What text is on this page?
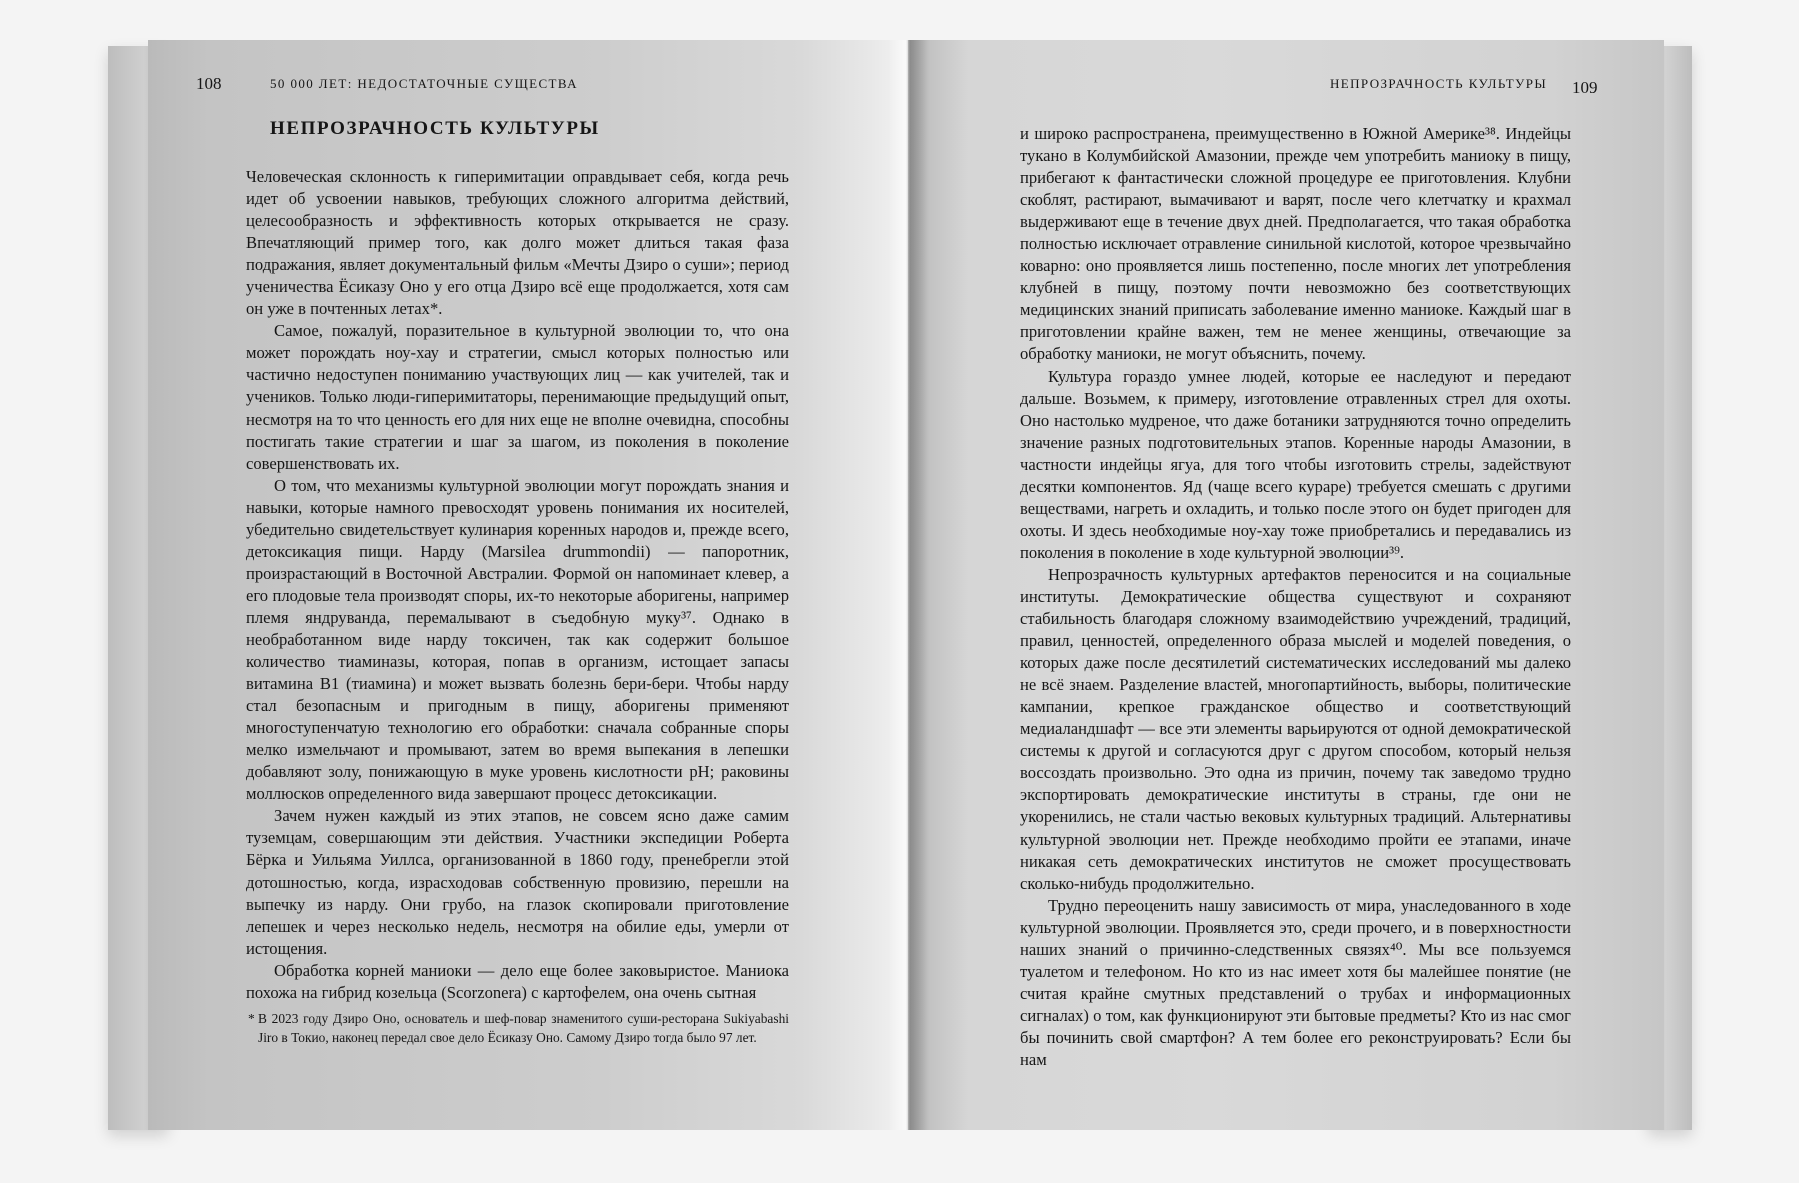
108	50 000 ЛЕТ: НЕДОСТАТОЧНЫЕ СУЩЕСТВА
НЕПРОЗРАЧНОСТЬ КУЛЬТУРЫ

Человеческая склонность к гиперимитации оправдывает себя, когда речь идет об усвоении навыков, требующих сложного алгоритма действий, целесообразность и эффективность которых открывается не сразу. Впечатляющий пример того, как долго может длиться такая фаза подражания, являет документальный фильм «Мечты Дзиро о суши»; период ученичества Ёсиказу Оно у его отца Дзиро всё еще продолжается, хотя сам он уже в почтенных летах*.

Самое, пожалуй, поразительное в культурной эволюции то, что она может порождать ноу-хау и стратегии, смысл которых полностью или частично недоступен пониманию участвующих лиц — как учителей, так и учеников. Только люди-гиперимитаторы, перенимающие предыдущий опыт, несмотря на то что ценность его для них еще не вполне очевидна, способны постигать такие стратегии и шаг за шагом, из поколения в поколение совершенствовать их.

О том, что механизмы культурной эволюции могут порождать знания и навыки, которые намного превосходят уровень понимания их носителей, убедительно свидетельствует кулинария коренных народов и, прежде всего, детоксикация пищи. Нарду (Marsilea drummondii) — папоротник, произрастающий в Восточной Австралии. Формой он напоминает клевер, а его плодовые тела производят споры, их-то некоторые аборигены, например племя яндруванда, перемалывают в съедобную муку³⁷. Однако в необработанном виде нарду токсичен, так как содержит большое количество тиаминазы, которая, попав в организм, истощает запасы витамина B1 (тиамина) и может вызвать болезнь бери-бери. Чтобы нарду стал безопасным и пригодным в пищу, аборигены применяют многоступенчатую технологию его обработки: сначала собранные споры мелко измельчают и промывают, затем во время выпекания в лепешки добавляют золу, понижающую в муке уровень кислотности pH; раковины моллюсков определенного вида завершают процесс детоксикации.

Зачем нужен каждый из этих этапов, не совсем ясно даже самим туземцам, совершающим эти действия. Участники экспедиции Роберта Бёрка и Уильяма Уиллса, организованной в 1860 году, пренебрегли этой дотошностью, когда, израсходовав собственную провизию, перешли на выпечку из нарду. Они грубо, на глазок скопировали приготовление лепешек и через несколько недель, несмотря на обилие еды, умерли от истощения.

Обработка корней маниоки — дело еще более заковыристое. Маниока похожа на гибрид козельца (Scorzonera) с картофелем, она очень сытная

* В 2023 году Дзиро Оно, основатель и шеф-повар знаменитого суши-ресторана Sukiyabashi Jiro в Токио, наконец передал свое дело Ёсиказу Оно. Самому Дзиро тогда было 97 лет.

НЕПРОЗРАЧНОСТЬ КУЛЬТУРЫ 109

и широко распространена, преимущественно в Южной Америке³⁸. Индейцы тукано в Колумбийской Амазонии, прежде чем употребить маниоку в пищу, прибегают к фантастически сложной процедуре ее приготовления. Клубни скоблят, растирают, вымачивают и варят, после чего клетчатку и крахмал выдерживают еще в течение двух дней. Предполагается, что такая обработка полностью исключает отравление синильной кислотой, которое чрезвычайно коварно: оно проявляется лишь постепенно, после многих лет употребления клубней в пищу, поэтому почти невозможно без соответствующих медицинских знаний приписать заболевание именно маниоке. Каждый шаг в приготовлении крайне важен, тем не менее женщины, отвечающие за обработку маниоки, не могут объяснить, почему.

Культура гораздо умнее людей, которые ее наследуют и передают дальше. Возьмем, к примеру, изготовление отравленных стрел для охоты. Оно настолько мудреное, что даже ботаники затрудняются точно определить значение разных подготовительных этапов. Коренные народы Амазонии, в частности индейцы ягуа, для того чтобы изготовить стрелы, задействуют десятки компонентов. Яд (чаще всего кураре) требуется смешать с другими веществами, нагреть и охладить, и только после этого он будет пригоден для охоты. И здесь необходимые ноу-хау тоже приобретались и передавались из поколения в поколение в ходе культурной эволюции³⁹.

Непрозрачность культурных артефактов переносится и на социальные институты. Демократические общества существуют и сохраняют стабильность благодаря сложному взаимодействию учреждений, традиций, правил, ценностей, определенного образа мыслей и моделей поведения, о которых даже после десятилетий систематических исследований мы далеко не всё знаем. Разделение властей, многопартийность, выборы, политические кампании, крепкое гражданское общество и соответствующий медиаландшафт — все эти элементы варьируются от одной демократической системы к другой и согласуются друг с другом способом, который нельзя воссоздать произвольно. Это одна из причин, почему так заведомо трудно экспортировать демократические институты в страны, где они не укоренились, не стали частью вековых культурных традиций. Альтернативы культурной эволюции нет. Прежде необходимо пройти ее этапами, иначе никакая сеть демократических институтов не сможет просуществовать сколько-нибудь продолжительно.

Трудно переоценить нашу зависимость от мира, унаследованного в ходе культурной эволюции. Проявляется это, среди прочего, и в поверхностности наших знаний о причинно-следственных связях⁴⁰. Мы все пользуемся туалетом и телефоном. Но кто из нас имеет хотя бы малейшее понятие (не считая крайне смутных представлений о трубах и информационных сигналах) о том, как функционируют эти бытовые предметы? Кто из нас смог бы починить свой смартфон? А тем более его реконструировать? Если бы нам
